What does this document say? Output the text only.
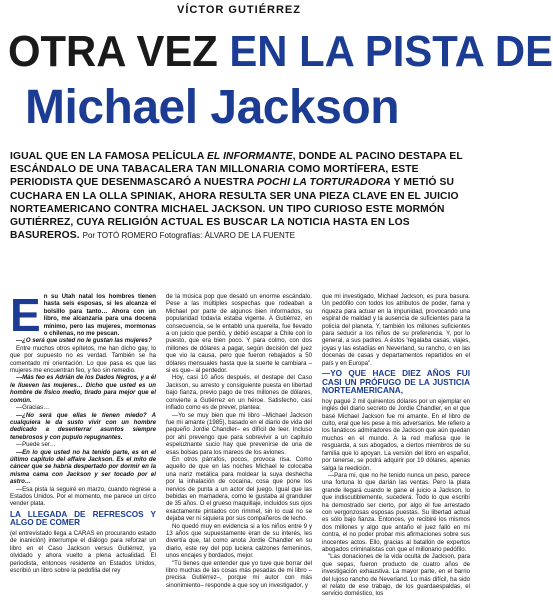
VÍCTOR GUTIÉRREZ
OTRA VEZ EN LA PISTA DE
Michael Jackson

IGUAL QUE EN LA FAMOSA PELÍCULA EL INFORMANTE, DONDE AL PACINO DESTAPA EL ESCÁNDALO DE UNA TABACALERA TAN MILLONARIA COMO MORTÍFERA, ESTE PERIODISTA QUE DESENMASCARÓ A NUESTRA POCHI LA TORTURADORA Y METIÓ SU CUCHARA EN LA OLLA SPINIAK, AHORA RESULTA SER UNA PIEZA CLAVE EN EL JUICIO NORTEAMERICANO CONTRA MICHAEL JACKSON. UN TIPO CURIOSO ESTE MORMÓN GUTIÉRREZ, CUYA RELIGIÓN ACTUAL ES BUSCAR LA NOTICIA HASTA EN LOS BASUREROS. Por TOTÓ ROMERO Fotografías: ÁLVARO DE LA FUENTE

En su Utah natal los hombres tienen hasta seis esposas, si les alcanza el bolsillo para tanto… Ahora con un libro, me alcanzaría para una docena mínimo, pero las mujeres, mormonas o chilenas, no me pescan.

—¿O será que usted no le gustan las mujeres?

Entre muchos otros epítetos, me han dicho gay, lo que por supuesto no es verdad. También se ha comentado mi orientación. Lo que pasa es que las mujeres me encuentran feo, y feo sin remedio.

—Más feo es Adrián de los Dados Negros, y a él le llueven las mujeres… Dicho que usted es un hombre de físico medio, tirado para mejor que el común.

—Gracias…

—¿No será que ellas le tienen miedo? A cualquiera le da susto vivir con un hombre dedicado a desenterrar asuntos siempre tenebrosos y con pupulo repugnantes.

—Puede ser…

—En lo que usted no ha tenido parte, es en el último capitulo del affaire Jackson. Es el mito de cáncer que se habría despertado por dormir en la misma cama con Jackson y ser tocado por el astro…

—Esa pista la seguiré en marzo, cuando regrese a Estados Unidos. Por el momento, me parece un circo vender plata.

LA LLEGADA DE REFRESCOS Y ALGO DE COMER

(el entrevistado llega a CARAS en procurando estado de inanición) interrumpe el diálogo para reforzar un libro en el Caso Jackson versus Gutiérrez, ya olvidado y ahora vuelto a plena actualidad. El periodista, entonces residente en Estados Unidos, escribió un libro sobre la pedofilia del rey

de la música pop que desató un enorme escándalo. Pese a las múltiples sospechas que rodeaban a Michael por parte de algunos bien informados, su popularidad todavía estaba vigente. A Gutiérrez, en consecuencia, se le entabló una querella, fue llevado a un juicio que perdió, y debió escapar a Chile con lo puesto, que era bien poco. Y para colmo, con dos millones de dólares a pagar, según decisión del juez que vio la causa, pero que fueron rebajados a 50 dólares mensuales hasta que la suerte le cambiara –si es que– al perdedor.

Hoy, casi 10 años después, el destape del Caso Jackson, su arresto y consiguiente puesta en libertad bajo fianza, previo pago de tres millones de dólares, convierte a Gutiérrez en un héroe. Satisfecho, casi inflado como es de prever, plantea:

—Yo se muy bien que mi libro –Michael Jackson fue mi amante (1985), basado en el diario de vida del pequeño Jordie Chandler– es difícil de leer. Incluso por ahí prevengo que para sobrevivir a un capítulo espeluznante sucio hay que prevenirse de una de esas bolsas para los mareos de los aviones.

En otros párrafos, pocos, provoca risa. Como aquello de que en las noches Michael le colocaba una nariz metálica para moldear la suya deshecha por la inhalación de cocaína, cosa que pone los nervios de punta a un actor del juego. Igual que las bebidas en mamadera, como le gustaba al granduler de 35 años. O el grueso maquillaje, incluidos sus ojos exactamente pintados con rímmel, sin lo cual no se dejaba ver ni siquiera por sus compañeros de lecho.

No quedó muy en evidencia si a los niños entre 9 y 13 años que supuestamente eran de su interés, les divertía que, tal como anota Jordie Chandler en su diario, este rey del pop luciera calzones femeninos, unos encajes y bordados, mejor.

"Tú tienes que entender que yo tuve que borrar del libro muchas de las cosas más pesadas de mi libro –precisa Gutiérrez–, porque mi autor con más sinonimiento– responde a que soy un investigador, y

que mi investigado, Michael Jackson, es pura basura. Un pedófilo con todos los atributos de poder, fama y riqueza para actuar en la impunidad, provocando una espiral de maldad y la ausencia de suficientes para la policía del planeta. Y, también los millones suficientes para seducir a los niños de su preferencia. Y, por lo general, a sus padres. A éstos 'regalaba casas, viajes, joyas y las estadías en Neverland, su rancho, o en las docenas de casas y departamentos repartidos en el país y en Europa".

—YO QUE HACE DIEZ AÑOS FUI CASI UN PRÓFUGO DE LA JUSTICIA NORTEAMERICANA,

hoy pagué 2 mil quinientos dólares por un ejemplar en inglés del diario secreto de Jordie Chandler, en el que basé Michael Jackson fue mi amante. En el libro de culto, eral que les pese a mis adversarios. Me refiero a los fanáticos admiradores de Jackson que aún quedan muchos en el mundo. A la red mafiosa que le resguarda, a sus abogados, a ciertos miembros de su familia que lo apoyan. La versión del libro en español, por tenerse, se podrá adquirir por 19 dólares, apenas salga la reedición.

—Para mí, que no he tenido nunca un peso, parece una fortuna lo que daríán las ventas. Pero la plata grande llegará cuando le gane el juicio a Jackson, lo que indiscutiblemente, sucederá. Todo lo que escribí ha demostrado ser cierto, por algo él fue arrestado con vergonzosas esposas puestas. Su libertad actual es sólo bajo fianza. Entonces, yo recibiré los mismos dos millones y algo que antaño el juez falló en mi contra, el no poder probar mis afirmaciones sobre sus inocentes actos. Ello, gracias al batallón de expertos abogados criminalistas con que el millonario pedófilo.

"Las donaciones de la vida oculta de Jackson, para que sepas, fueron producto de cuatro años de investigación exhaustiva. La mayor parte, en el barrio del lujoso rancho de Neverland. Lo más difícil, ha sido el relato de ese trabajo, de los guardaespaldas, el servicio doméstico, los
